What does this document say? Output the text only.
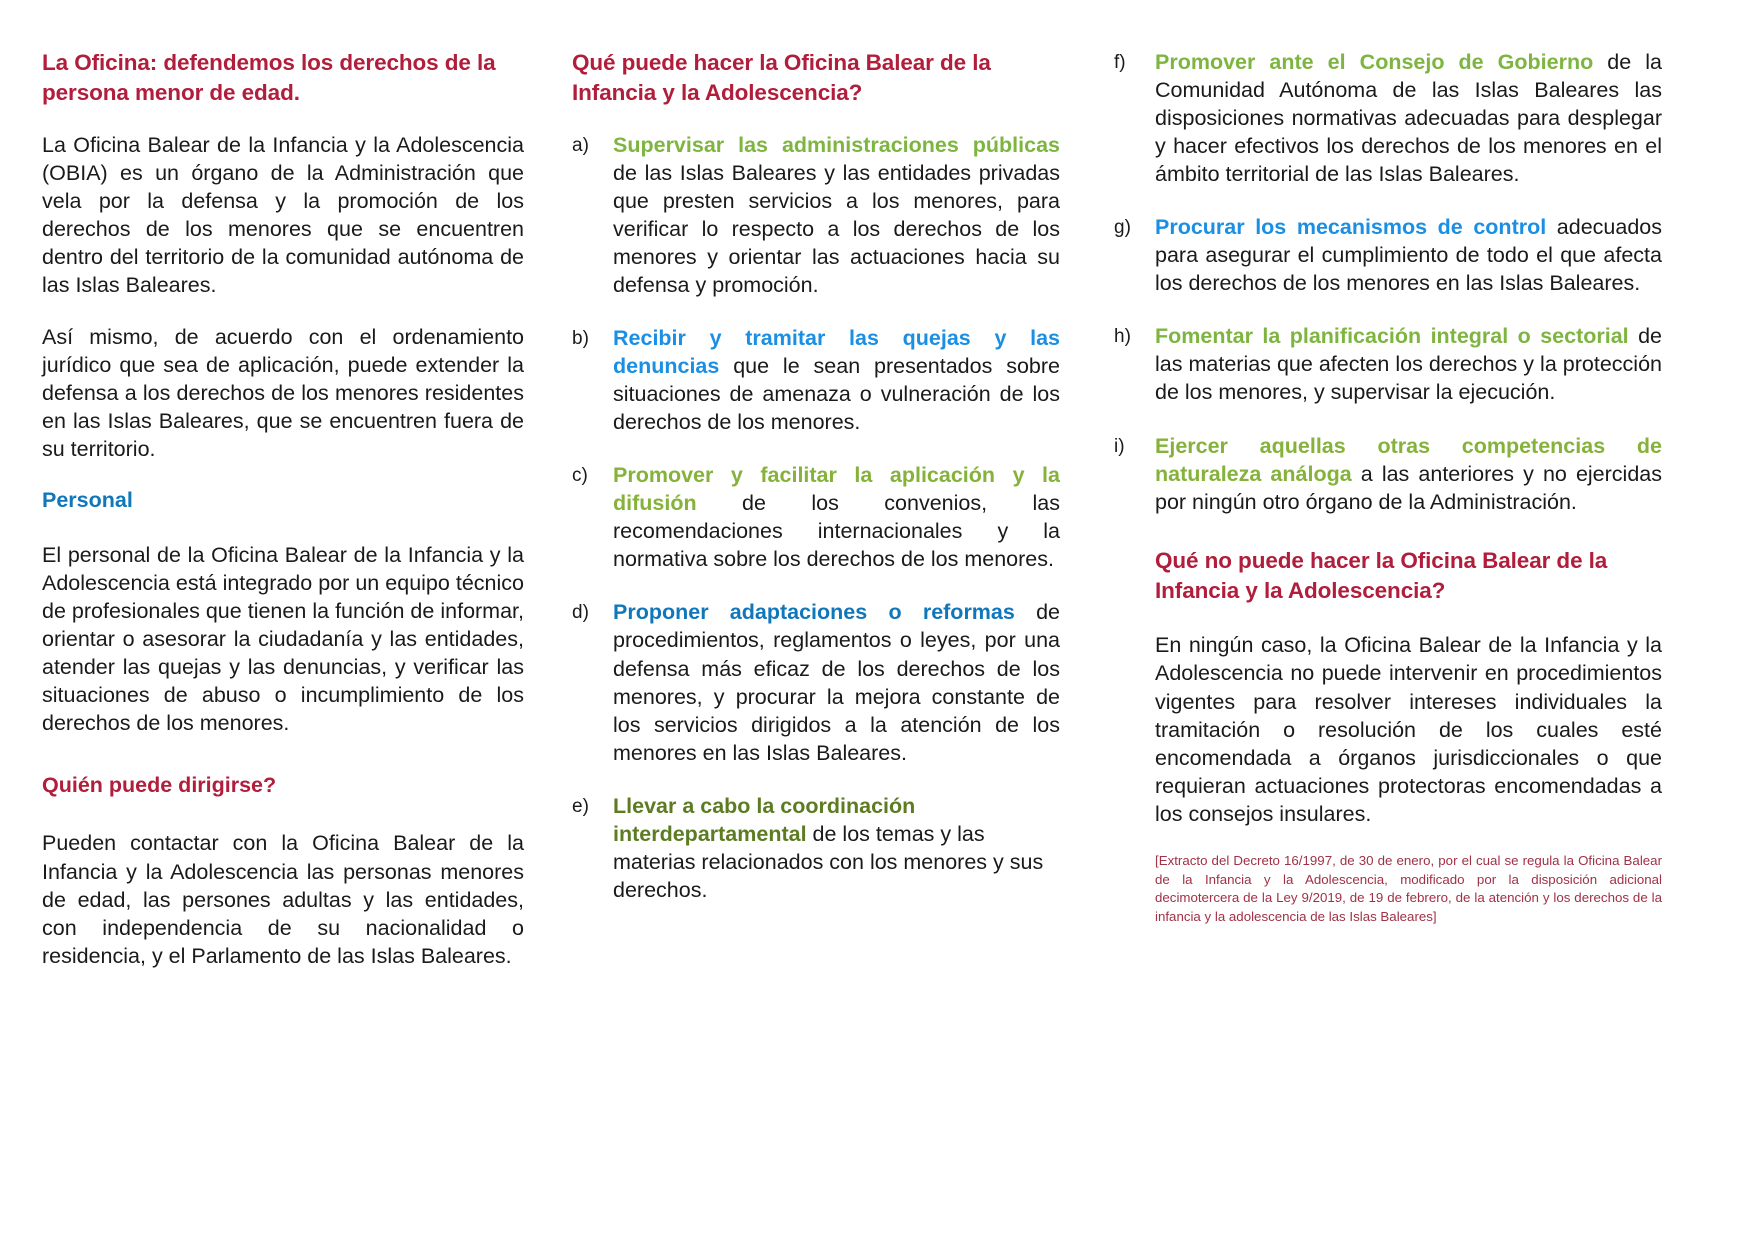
La Oficina: defendemos los derechos de la persona menor de edad.

La Oficina Balear de la Infancia y la Adolescencia (OBIA) es un órgano de la Administración que vela por la defensa y la promoción de los derechos de los menores que se encuentren dentro del territorio de la comunidad autónoma de las Islas Baleares.

Así mismo, de acuerdo con el ordenamiento jurídico que sea de aplicación, puede extender la defensa a los derechos de los menores residentes en las Islas Baleares, que se encuentren fuera de su territorio.

Personal

El personal de la Oficina Balear de la Infancia y la Adolescencia está integrado por un equipo técnico de profesionales que tienen la función de informar, orientar o asesorar la ciudadanía y las entidades, atender las quejas y las denuncias, y verificar las situaciones de abuso o incumplimiento de los derechos de los menores.

Quién puede dirigirse?

Pueden contactar con la Oficina Balear de la Infancia y la Adolescencia las personas menores de edad, las persones adultas y las entidades, con independencia de su nacionalidad o residencia, y el Parlamento de las Islas Baleares.

Qué puede hacer la Oficina Balear de la Infancia y la Adolescencia?
a)	Supervisar las administraciones públicas de las Islas Baleares y las entidades privadas que presten servicios a los menores, para verificar lo respecto a los derechos de los menores y orientar las actuaciones hacia su defensa y promoción.
b)	Recibir y tramitar las quejas y las denuncias que le sean presentados sobre situaciones de amenaza o vulneración de los derechos de los menores.
c)	Promover y facilitar la aplicación y la difusión de los convenios, las recomendaciones internacionales y la normativa sobre los derechos de los menores.
d)	Proponer adaptaciones o reformas de procedimientos, reglamentos o leyes, por una defensa más eficaz de los derechos de los menores, y procurar la mejora constante de los servicios dirigidos a la atención de los menores en las Islas Baleares.
e)	Llevar a cabo la coordinación interdepartamental de los temas y las materias relacionados con los menores y sus derechos.
f)	Promover ante el Consejo de Gobierno de la Comunidad Autónoma de las Islas Baleares las disposiciones normativas adecuadas para desplegar y hacer efectivos los derechos de los menores en el ámbito territorial de las Islas Baleares.
g)	Procurar los mecanismos de control adecuados para asegurar el cumplimiento de todo el que afecta los derechos de los menores en las Islas Baleares.
h)	Fomentar la planificación integral o sectorial de las materias que afecten los derechos y la protección de los menores, y supervisar la ejecución.
i)	Ejercer aquellas otras competencias de naturaleza análoga a las anteriores y no ejercidas por ningún otro órgano de la Administración.
Qué no puede hacer la Oficina Balear de la Infancia y la Adolescencia?

En ningún caso, la Oficina Balear de la Infancia y la Adolescencia no puede intervenir en procedimientos vigentes para resolver intereses individuales la tramitación o resolución de los cuales esté encomendada a órganos jurisdiccionales o que requieran actuaciones protectoras encomendadas a los consejos insulares.

[Extracto del Decreto 16/1997, de 30 de enero, por el cual se regula la Oficina Balear de la Infancia y la Adolescencia, modificado por la disposición adicional decimotercera de la Ley 9/2019, de 19 de febrero, de la atención y los derechos de la infancia y la adolescencia de las Islas Baleares]
